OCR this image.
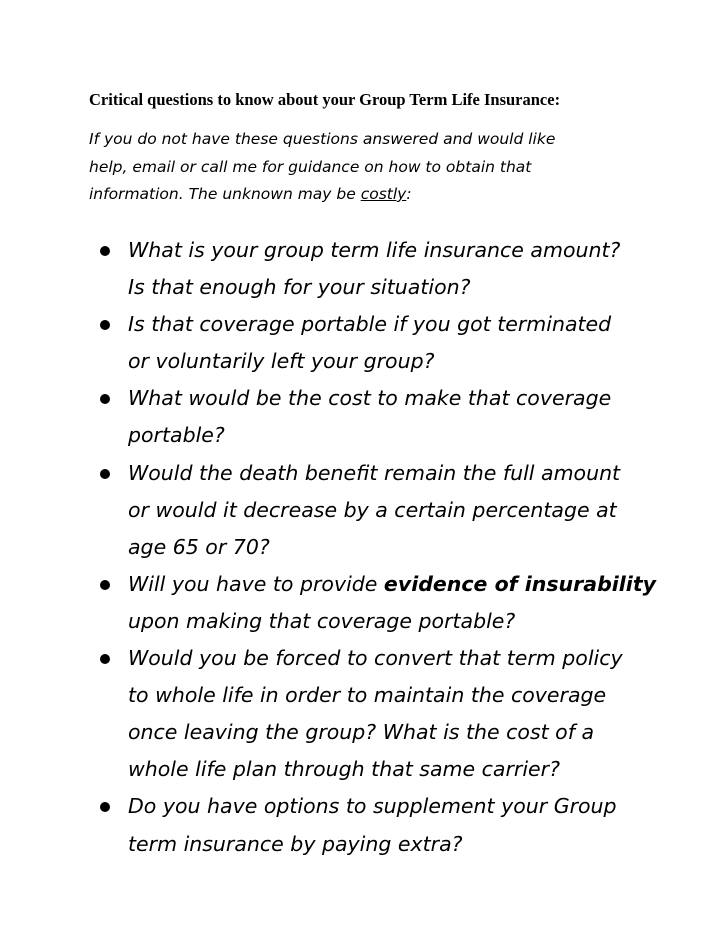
Critical questions to know about your Group Term Life Insurance:

If you do not have these questions answered and would like
help, email or call me for guidance on how to obtain that
information. The unknown may be costly:

What is your group term life insurance amount?
Is that enough for your situation?
Is that coverage portable if you got terminated
or voluntarily left your group?
What would be the cost to make that coverage
portable?
Would the death benefit remain the full amount
or would it decrease by a certain percentage at
age 65 or 70?
Will you have to provide evidence of insurability
upon making that coverage portable?
Would you be forced to convert that term policy
to whole life in order to maintain the coverage
once leaving the group? What is the cost of a
whole life plan through that same carrier?
Do you have options to supplement your Group
term insurance by paying extra?
